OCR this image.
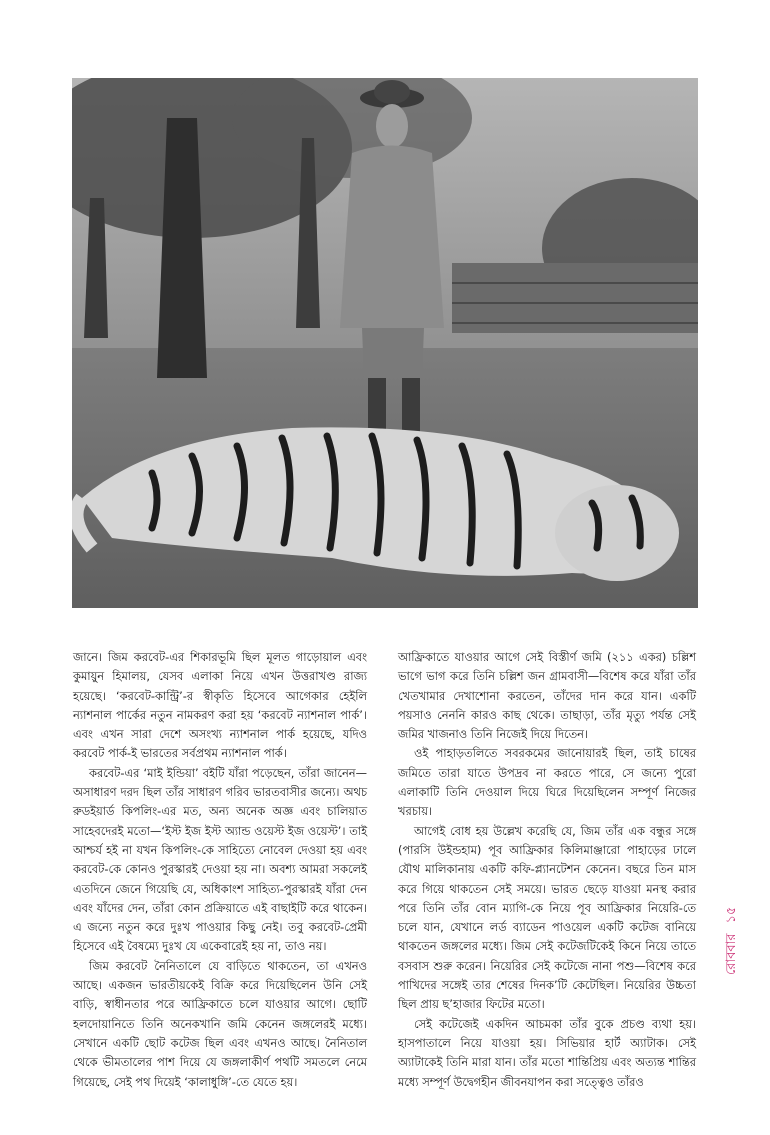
জানে। জিম করবেট-এর শিকারভূমি ছিল মূলত গাড়োয়াল এবং কুমায়ুন হিমালয়, যেসব এলাকা নিয়ে এখন উত্তরাখণ্ড রাজ্য হয়েছে। ‘করবেট-কান্ট্রি’-র স্বীকৃতি হিসেবে আগেকার হেইলি ন্যাশনাল পার্কের নতুন নামকরণ করা হয় ‘করবেট ন্যাশনাল পার্ক’। এবং এখন সারা দেশে অসংখ্য ন্যাশনাল পার্ক হয়েছে, যদিও করবেট পার্ক-ই ভারতের সর্বপ্রথম ন্যাশনাল পার্ক।

করবেট-এর ‘মাই ইন্ডিয়া’ বইটি যাঁরা পড়েছেন, তাঁরা জানেন—অসাধারণ দরদ ছিল তাঁর সাধারণ গরিব ভারতবাসীর জন্যে। অথচ রুডইয়ার্ড কিপলিং-এর মত, অন্য অনেক অজ্ঞ এবং চালিয়াত সাহেবদেরই মতো—‘ইস্ট ইজ ইস্ট অ্যান্ড ওয়েস্ট ইজ ওয়েস্ট’। তাই আশ্চর্য হই না যখন কিপলিং-কে সাহিত্যে নোবেল দেওয়া হয় এবং করবেট-কে কোনও পুরস্কারই দেওয়া হয় না। অবশ্য আমরা সকলেই এতদিনে জেনে গিয়েছি যে, অধিকাংশ সাহিত্য-পুরস্কারই যাঁরা দেন এবং যাঁদের দেন, তাঁরা কোন প্রক্রিয়াতে এই বাছাইটি করে থাকেন। এ জন্যে নতুন করে দুঃখ পাওয়ার কিছু নেই। তবু করবেট-প্রেমী হিসেবে এই বৈষম্যে দুঃখ যে একেবারেই হয় না, তাও নয়।

জিম করবেট নৈনিতালে যে বাড়িতে থাকতেন, তা এখনও আছে। একজন ভারতীয়কেই বিক্রি করে দিয়েছিলেন উনি সেই বাড়ি, স্বাধীনতার পরে আফ্রিকাতে চলে যাওয়ার আগে। ছোটি হলদোয়ানিতে তিনি অনেকখানি জমি কেনেন জঙ্গলেরই মধ্যে। সেখানে একটি ছোট কটেজ ছিল এবং এখনও আছে। নৈনিতাল থেকে ভীমতালের পাশ দিয়ে যে জঙ্গলাকীর্ণ পথটি সমতলে নেমে গিয়েছে, সেই পথ দিয়েই ‘কালাধুঙ্গি’-তে যেতে হয়।

আফ্রিকাতে যাওয়ার আগে সেই বিস্তীর্ণ জমি (২১১ একর) চল্লিশ ভাগে ভাগ করে তিনি চল্লিশ জন গ্রামবাসী—বিশেষ করে যাঁরা তাঁর খেতখামার দেখাশোনা করতেন, তাঁদের দান করে যান। একটি পয়সাও নেননি কারও কাছ থেকে। তাছাড়া, তাঁর মৃত্যু পর্যন্ত সেই জমির খাজনাও তিনি নিজেই দিয়ে দিতেন।

ওই পাহাড়তলিতে সবরকমের জানোয়ারই ছিল, তাই চাষের জমিতে তারা যাতে উপদ্রব না করতে পারে, সে জন্যে পুরো এলাকাটি তিনি দেওয়াল দিয়ে ঘিরে দিয়েছিলেন সম্পূর্ণ নিজের খরচায়।

আগেই বোধ হয় উল্লেখ করেছি যে, জিম তাঁর এক বন্ধুর সঙ্গে (পারসি উইন্ডহাম) পূব আফ্রিকার কিলিমাঞ্জারো পাহাড়ের ঢালে যৌথ মালিকানায় একটি কফি-প্ল্যানটেশন কেনেন। বছরে তিন মাস করে গিয়ে থাকতেন সেই সময়ে। ভারত ছেড়ে যাওয়া মনস্থ করার পরে তিনি তাঁর বোন ম্যাগি-কে নিয়ে পূব আফ্রিকার নিয়েরি-তে চলে যান, যেখানে লর্ড ব্যাডেন পাওয়েল একটি কটেজ বানিয়ে থাকতেন জঙ্গলের মধ্যে। জিম সেই কটেজটিকেই কিনে নিয়ে তাতে বসবাস শুরু করেন। নিয়েরির সেই কটেজে নানা পশু—বিশেষ করে পাখিদের সঙ্গেই তার শেষের দিনক’টি কেটেছিল। নিয়েরির উচ্চতা ছিল প্রায় ছ’হাজার ফিটের মতো।

সেই কটেজেই একদিন আচমকা তাঁর বুকে প্রচণ্ড ব্যথা হয়। হাসপাতালে নিয়ে যাওয়া হয়। সিভিয়ার হার্ট অ্যাটাক। সেই অ্যাটাকেই তিনি মারা যান। তাঁর মতো শান্তিপ্রিয় এবং অত্যন্ত শান্তির মধ্যে সম্পূর্ণ উদ্বেগহীন জীবনযাপন করা সত্ত্বেও তাঁরও

রোববার১৫
